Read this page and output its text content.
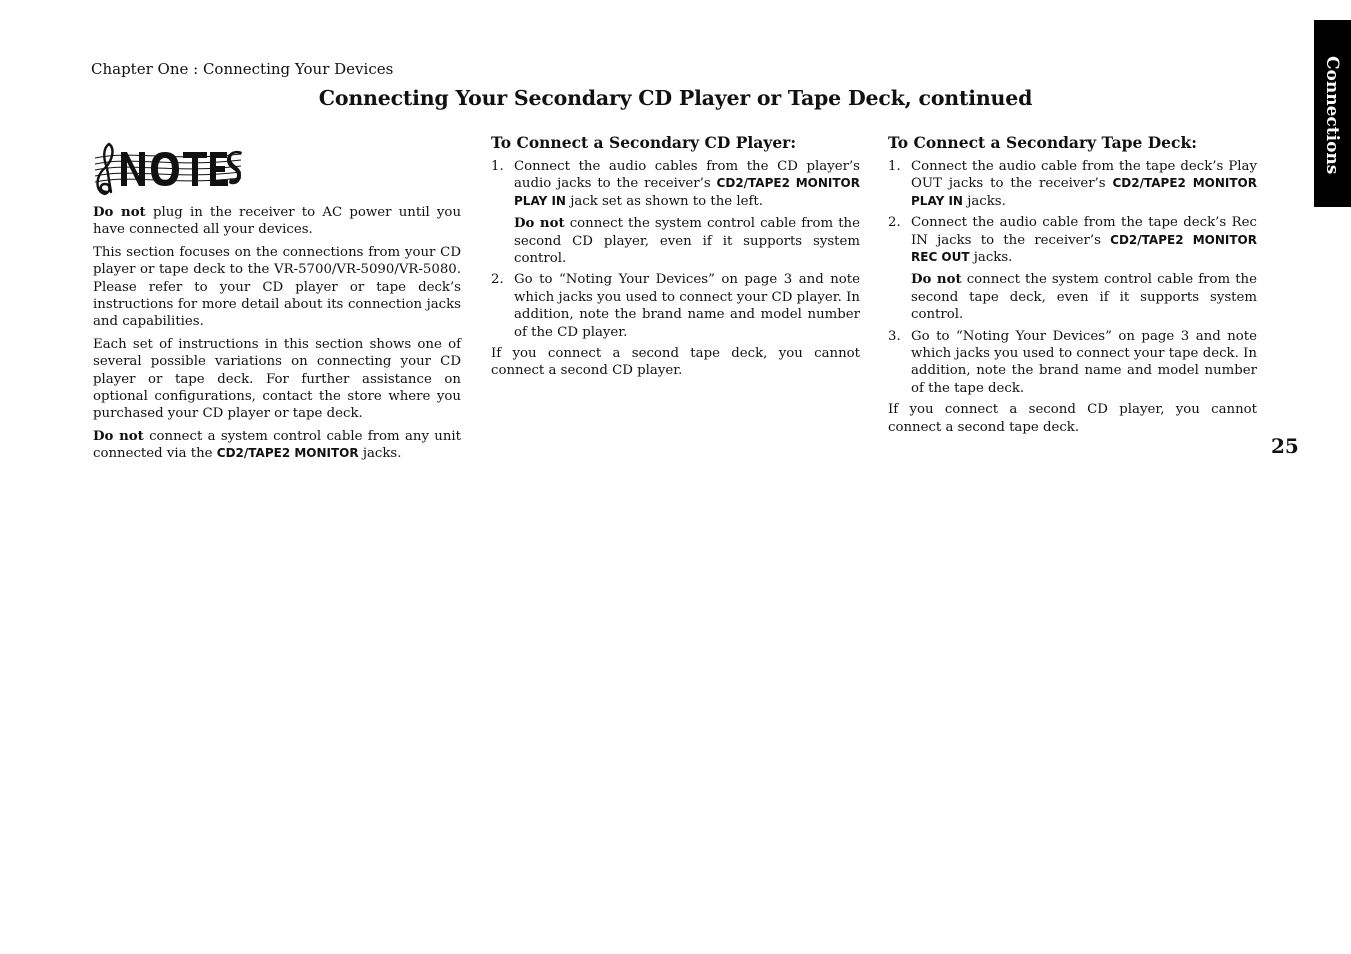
Chapter One : Connecting Your Devices
Connecting Your Secondary CD Player or Tape Deck, continued	Connections
25

Do not plug in the receiver to AC power until you have connected all your devices.

This section focuses on the connections from your CD player or tape deck to the VR-5700/VR-5090/VR-5080. Please refer to your CD player or tape deck’s instructions for more detail about its connection jacks and capabilities.

Each set of instructions in this section shows one of several possible variations on connecting your CD player or tape deck. For further assistance on optional configurations, contact the store where you purchased your CD player or tape deck.

Do not connect a system control cable from any unit connected via the CD2/TAPE2 MONITOR jacks.

To Connect a Secondary CD Player:
1. Connect the audio cables from the CD player’s audio jacks to the receiver’s CD2/TAPE2 MONITOR PLAY IN jack set as shown to the left.
Do not connect the system control cable from the second CD player, even if it supports system control.
2. Go to “Noting Your Devices” on page 3 and note which jacks you used to connect your CD player. In addition, note the brand name and model number of the CD player.

If you connect a second tape deck, you cannot connect a second CD player.

To Connect a Secondary Tape Deck:
1. Connect the audio cable from the tape deck’s Play OUT jacks to the receiver’s CD2/TAPE2 MONITOR PLAY IN jacks.
2. Connect the audio cable from the tape deck’s Rec IN jacks to the receiver’s CD2/TAPE2 MONITOR REC OUT jacks.
Do not connect the system control cable from the second tape deck, even if it supports system control.
3. Go to “Noting Your Devices” on page 3 and note which jacks you used to connect your tape deck. In addition, note the brand name and model number of the tape deck.

If you connect a second CD player, you cannot connect a second tape deck.
